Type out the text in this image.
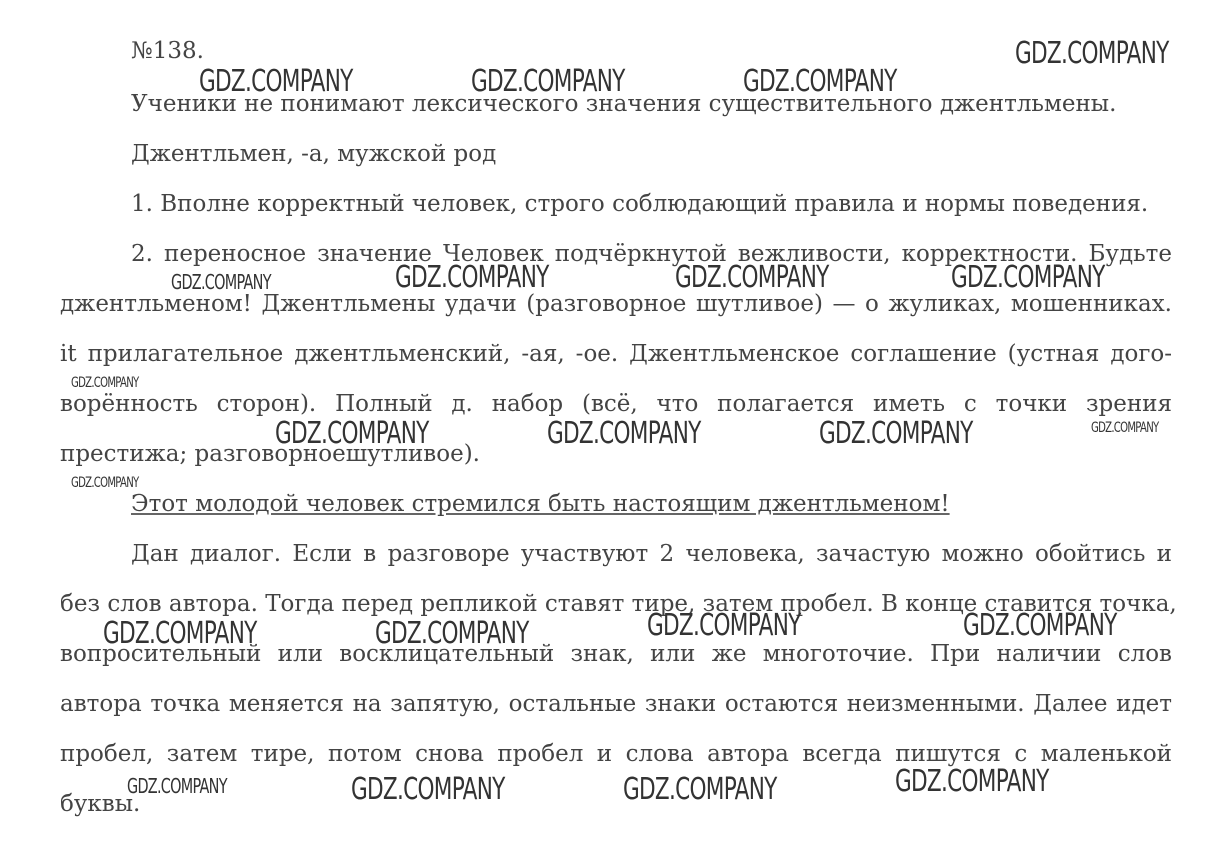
№138.
Ученики не понимают лексического значения существительного джентльмены.
Джентльмен, -а, мужской род
1. Вполне корректный человек, строго соблюдающий правила и нормы поведения.
2. переносное значение Человек подчёркнутой вежливости, корректности. Будьте
джентльменом! Джентльмены удачи (разговорное шутливое) — о жуликах, мошенниках.
it прилагательное джентльменский, -ая, -ое. Джентльменское соглашение (устная дого-
ворённость сторон). Полный д. набор (всё, что полагается иметь с точки зрения
престижа; разговорноешутливое).
Этот молодой человек стремился быть настоящим джентльменом!
Дан диалог. Если в разговоре участвуют 2 человека, зачастую можно обойтись и
без слов автора. Тогда перед репликой ставят тире, затем пробел. В конце ставится точка,
вопросительный или восклицательный знак, или же многоточие. При наличии слов
автора точка меняется на запятую, остальные знаки остаются неизменными. Далее идет
пробел, затем тире, потом снова пробел и слова автора всегда пишутся с маленькой
буквы.
GDZ.COMPANY
GDZ.COMPANY	GDZ.COMPANY	GDZ.COMPANY
GDZ.COMPANY	GDZ.COMPANY	GDZ.COMPANY	GDZ.COMPANY
GDZ.COMPANY
GDZ.COMPANY	GDZ.COMPANY	GDZ.COMPANY	GDZ.COMPANY
GDZ.COMPANY
GDZ.COMPANY	GDZ.COMPANY	GDZ.COMPANY	GDZ.COMPANY
GDZ.COMPANY	GDZ.COMPANY	GDZ.COMPANY	GDZ.COMPANY
